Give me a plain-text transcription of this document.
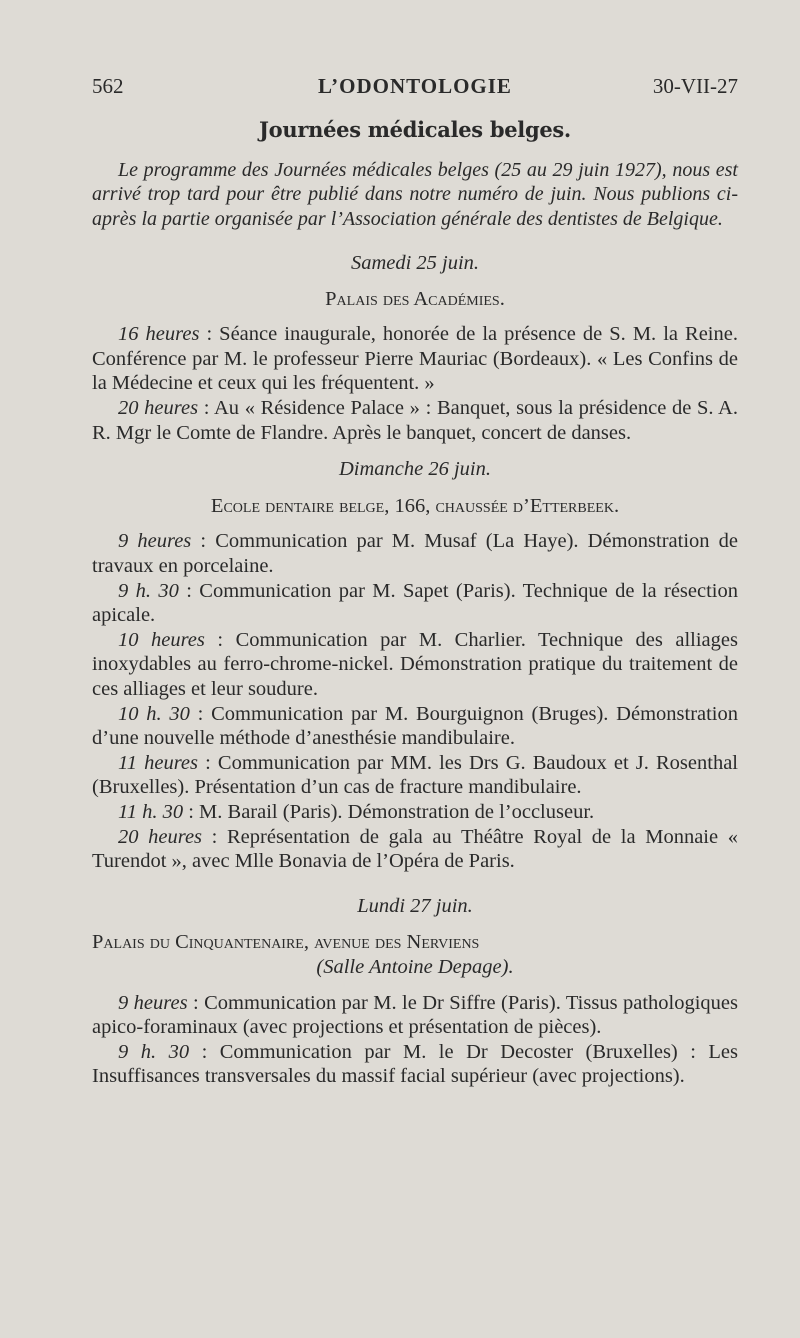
562	L’ODONTOLOGIE	30-VII-27

Journées médicales belges.

Le programme des Journées médicales belges (25 au 29 juin 1927), nous est arrivé trop tard pour être publié dans notre numéro de juin. Nous publions ci-après la partie organisée par l’Association générale des dentistes de Belgique.

Samedi 25 juin.

Palais des Académies.

16 heures : Séance inaugurale, honorée de la présence de S. M. la Reine. Conférence par M. le professeur Pierre Mauriac (Bordeaux). « Les Confins de la Médecine et ceux qui les fréquentent. »

20 heures : Au « Résidence Palace » : Banquet, sous la présidence de S. A. R. Mgr le Comte de Flandre. Après le banquet, concert de danses.

Dimanche 26 juin.

Ecole dentaire belge, 166, chaussée d’Etterbeek.

9 heures : Communication par M. Musaf (La Haye). Démonstration de travaux en porcelaine.

9 h. 30 : Communication par M. Sapet (Paris). Technique de la résection apicale.

10 heures : Communication par M. Charlier. Technique des alliages inoxydables au ferro-chrome-nickel. Démonstration pratique du traitement de ces alliages et leur soudure.

10 h. 30 : Communication par M. Bourguignon (Bruges). Démonstration d’une nouvelle méthode d’anesthésie mandibulaire.

11 heures : Communication par MM. les Drs G. Baudoux et J. Rosenthal (Bruxelles). Présentation d’un cas de fracture mandibulaire.

11 h. 30 : M. Barail (Paris). Démonstration de l’occluseur.

20 heures : Représentation de gala au Théâtre Royal de la Monnaie « Turendot », avec Mlle Bonavia de l’Opéra de Paris.

Lundi 27 juin.

Palais du Cinquantenaire, avenue des Nerviens

(Salle Antoine Depage).

9 heures : Communication par M. le Dr Siffre (Paris). Tissus pathologiques apico-foraminaux (avec projections et présentation de pièces).

9 h. 30 : Communication par M. le Dr Decoster (Bruxelles) : Les Insuffisances transversales du massif facial supérieur (avec projections).
